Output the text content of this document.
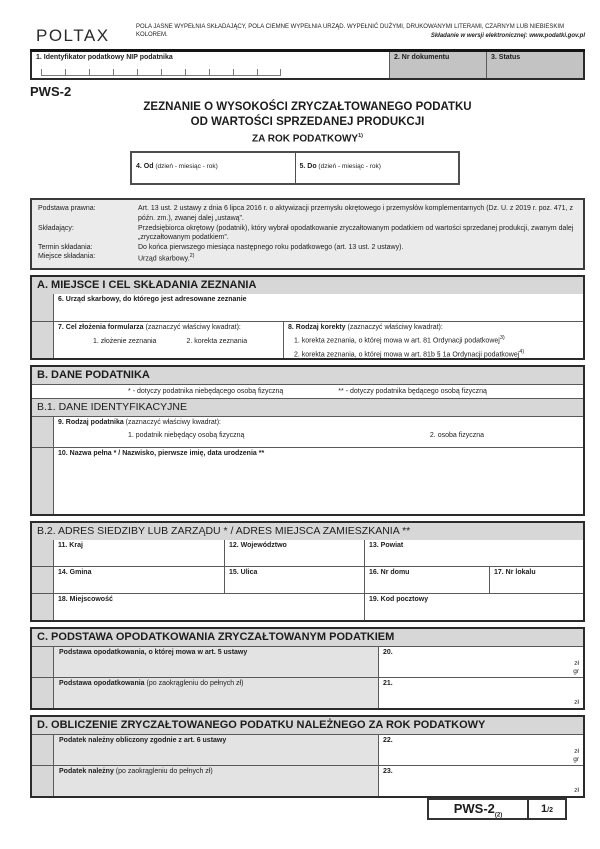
POLTAX	POLA JASNE WYPEŁNIA SKŁADAJĄCY, POLA CIEMNE WYPEŁNIA URZĄD. WYPEŁNIĆ DUŻYMI, DRUKOWANYMI LITERAMI, CZARNYM LUB NIEBIESKIM KOLOREM.	Składanie w wersji elektronicznej: www.podatki.gov.pl
1. Identyfikator podatkowy NIP podatnika	2. Nr dokumentu	3. Status
PWS-2
ZEZNANIE O WYSOKOŚCI ZRYCZAŁTOWANEGO PODATKU
OD WARTOŚCI SPRZEDANEJ PRODUKCJI
ZA ROK PODATKOWY$^{1)}$
4. Od (dzień - miesiąc - rok)	5. Do (dzień - miesiąc - rok)
Podstawa prawna:	Art. 13 ust. 2 ustawy z dnia 6 lipca 2016 r. o aktywizacji przemysłu okrętowego i przemysłów komplementarnych (Dz. U. z 2019 r. poz. 471, z późn. zm.), zwanej dalej „ustawą”.
Składający:	Przedsiębiorca okrętowy (podatnik), który wybrał opodatkowanie zryczałtowanym podatkiem od wartości sprzedanej produkcji, zwanym dalej „zryczałtowanym podatkiem”.
Termin składania:	Do końca pierwszego miesiąca następnego roku podatkowego (art. 13 ust. 2 ustawy).
Miejsce składania:	Urząd skarbowy.$^{2)}$
A. MIEJSCE I CEL SKŁADANIA ZEZNANIA
6. Urząd skarbowy, do którego jest adresowane zeznanie
7. Cel złożenia formularza (zaznaczyć właściwy kwadrat):
1. złożenie zeznania	2. korekta zeznania
8. Rodzaj korekty (zaznaczyć właściwy kwadrat):
1. korekta zeznania, o której mowa w art. 81 Ordynacji podatkowej$^{3)}$
2. korekta zeznania, o której mowa w art. 81b § 1a Ordynacji podatkowej$^{4)}$
B. DANE PODATNIKA
* - dotyczy podatnika niebędącego osobą fizyczną	** - dotyczy podatnika będącego osobą fizyczną
B.1. DANE IDENTYFIKACYJNE
9. Rodzaj podatnika (zaznaczyć właściwy kwadrat):
1. podatnik niebędący osobą fizyczną	2. osoba fizyczna
10. Nazwa pełna * / Nazwisko, pierwsze imię, data urodzenia **
B.2. ADRES SIEDZIBY LUB ZARZĄDU * / ADRES MIEJSCA ZAMIESZKANIA **
11. Kraj	12. Województwo	13. Powiat
14. Gmina	15. Ulica	16. Nr domu	17. Nr lokalu
18. Miejscowość	19. Kod pocztowy
C. PODSTAWA OPODATKOWANIA ZRYCZAŁTOWANYM PODATKIEM
Podstawa opodatkowania, o której mowa w art. 5 ustawy	20.
zł
gr
Podstawa opodatkowania (po zaokrągleniu do pełnych zł)	21.
zł
D. OBLICZENIE ZRYCZAŁTOWANEGO PODATKU NALEŻNEGO ZA ROK PODATKOWY
Podatek należny obliczony zgodnie z art. 6 ustawy	22.
zł
gr
Podatek należny (po zaokrągleniu do pełnych zł)	23.
zł
PWS-$2_{(2)}$
1/2
